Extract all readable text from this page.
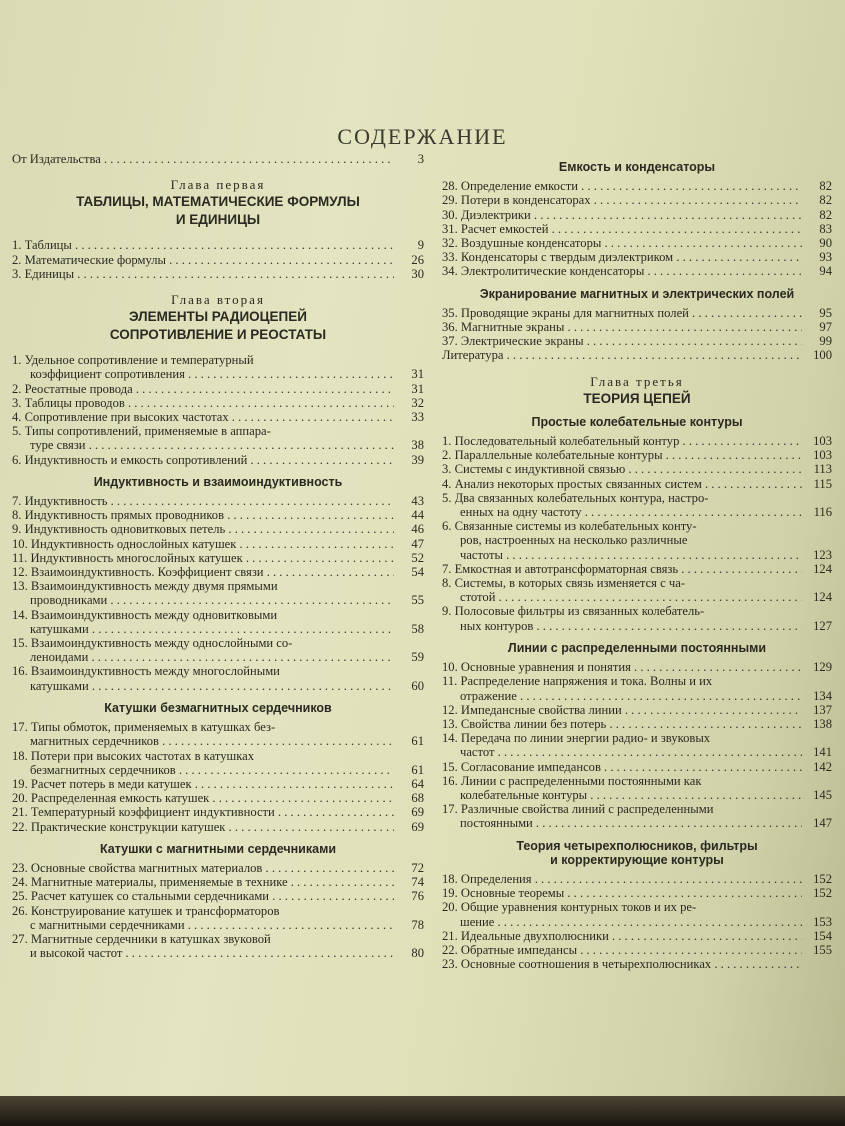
СОДЕРЖАНИЕ
От Издательства . . .	3
Глава первая
ТАБЛИЦЫ, МАТЕМАТИЧЕСКИЕ ФОРМУЛЫ
И ЕДИНИЦЫ
1. Таблицы . . .	9
2. Математические формулы . . .	26
3. Единицы . . .	30
Глава вторая
ЭЛЕМЕНТЫ РАДИОЦЕПЕЙ
СОПРОТИВЛЕНИЕ И РЕОСТАТЫ
1. Удельное сопротивление и температурный
коэффициент сопротивления . . .	31
2. Реостатные провода . . .	31
3. Таблицы проводов . . .	32
4. Сопротивление при высоких частотах . . .	33
5. Типы сопротивлений, применяемые в аппара-
туре связи . . .	38
6. Индуктивность и емкость сопротивлений . . .	39
Индуктивность и взаимоиндуктивность
7. Индуктивность . . .	43
8. Индуктивность прямых проводников . . .	44
9. Индуктивность одновитковых петель . . .	46
10. Индуктивность однослойных катушек . . .	47
11. Индуктивность многослойных катушек . . .	52
12. Взаимоиндуктивность. Коэффициент связи . . .	54
13. Взаимоиндуктивность между двумя прямыми
проводниками . . .	55
14. Взаимоиндуктивность между одновитковыми
катушками . . .	58
15. Взаимоиндуктивность между однослойными со-
леноидами . . .	59
16. Взаимоиндуктивность между многослойными
катушками . . .	60
Катушки безмагнитных сердечников
17. Типы обмоток, применяемых в катушках без-
магнитных сердечников . . .	61
18. Потери при высоких частотах в катушках
безмагнитных сердечников . . .	61
19. Расчет потерь в меди катушек . . .	64
20. Распределенная емкость катушек . . .	68
21. Температурный коэффициент индуктивности . . .	69
22. Практические конструкции катушек . . .	69
Катушки с магнитными сердечниками
23. Основные свойства магнитных материалов . . .	72
24. Магнитные материалы, применяемые в технике . . .	74
25. Расчет катушек со стальными сердечниками . . .	76
26. Конструирование катушек и трансформаторов
с магнитными сердечниками . . .	78
27. Магнитные сердечники в катушках звуковой
и высокой частот . . .	80
Емкость и конденсаторы
28. Определение емкости . . .	82
29. Потери в конденсаторах . . .	82
30. Диэлектрики . . .	82
31. Расчет емкостей . . .	83
32. Воздушные конденсаторы . . .	90
33. Конденсаторы с твердым диэлектриком . . .	93
34. Электролитические конденсаторы . . .	94
Экранирование магнитных и электрических полей
35. Проводящие экраны для магнитных полей . . .	95
36. Магнитные экраны . . .	97
37. Электрические экраны . . .	99
Литература . . .	100
Глава третья
ТЕОРИЯ ЦЕПЕЙ
Простые колебательные контуры
1. Последовательный колебательный контур . . .	103
2. Параллельные колебательные контуры . . .	103
3. Системы с индуктивной связью . . .	113
4. Анализ некоторых простых связанных систем . . .	115
5. Два связанных колебательных контура, настро-
енных на одну частоту . . .	116
6. Связанные системы из колебательных конту-
ров, настроенных на несколько различные
частоты . . .	123
7. Емкостная и автотрансформаторная связь . . .	124
8. Системы, в которых связь изменяется с ча-
стотой . . .	124
9. Полосовые фильтры из связанных колебатель-
ных контуров . . .	127
Линии с распределенными постоянными
10. Основные уравнения и понятия . . .	129
11. Распределение напряжения и тока. Волны и их
отражение . . .	134
12. Импедансные свойства линии . . .	137
13. Свойства линии без потерь . . .	138
14. Передача по линии энергии радио- и звуковых
частот . . .	141
15. Согласование импедансов . . .	142
16. Линии с распределенными постоянными как
колебательные контуры . . .	145
17. Различные свойства линий с распределенными
постоянными . . .	147
Теория четырехполюсников, фильтры
и корректирующие контуры
18. Определения . . .	152
19. Основные теоремы . . .	152
20. Общие уравнения контурных токов и их ре-
шение . . .	153
21. Идеальные двухполюсники . . .	154
22. Обратные импедансы . . .	155
23. Основные соотношения в четырехполюсниках . . .
